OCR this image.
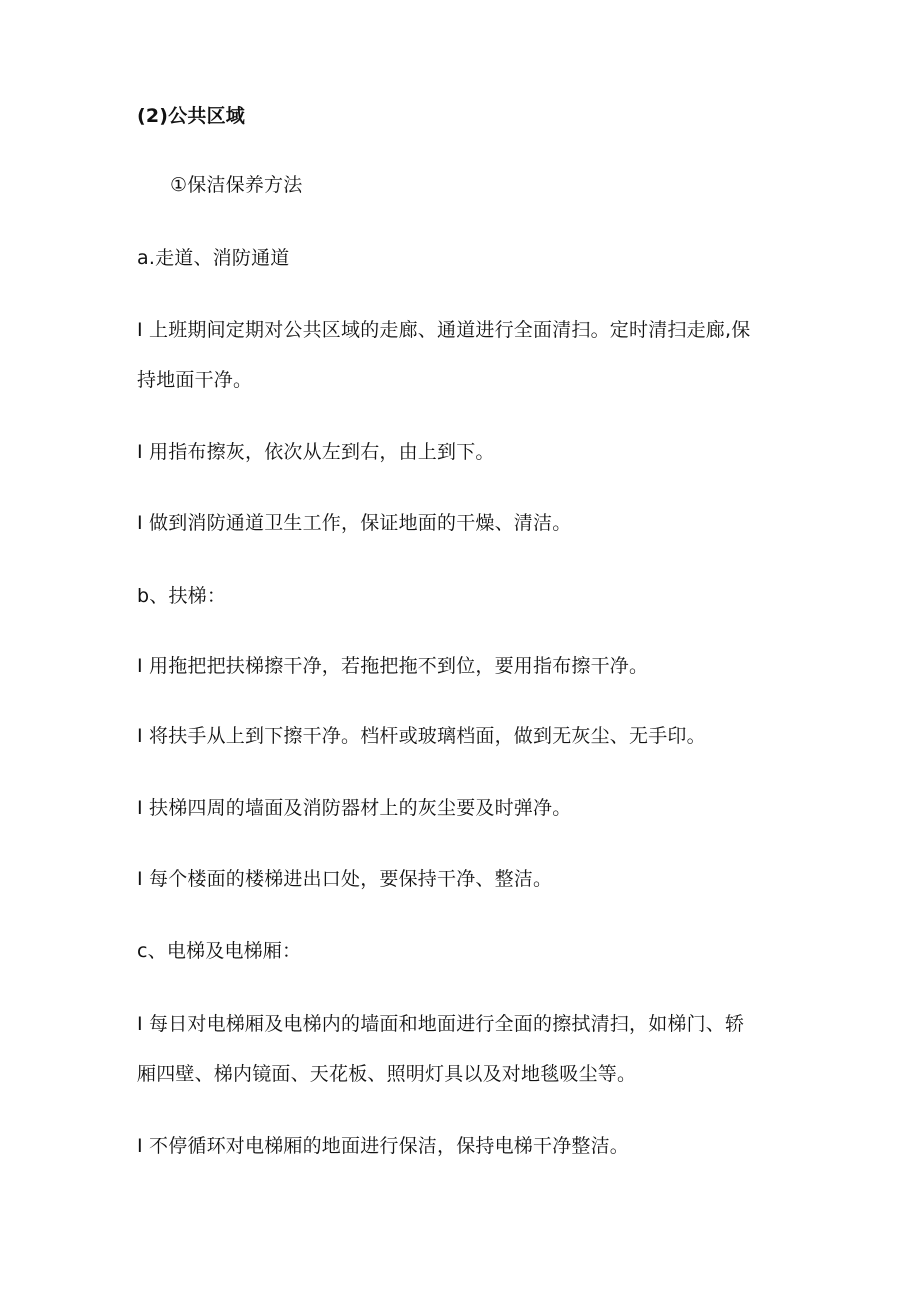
(2)公共区域
①保洁保养方法
a.走道、消防通道
I 上班期间定期对公共区域的走廊、通道进行全面清扫。定时清扫走廊,保
持地面干净。
I 用指布擦灰，依次从左到右，由上到下。
I 做到消防通道卫生工作，保证地面的干燥、清洁。
b、扶梯：
I 用拖把把扶梯擦干净，若拖把拖不到位，要用指布擦干净。
I 将扶手从上到下擦干净。档杆或玻璃档面，做到无灰尘、无手印。
I 扶梯四周的墙面及消防器材上的灰尘要及时弹净。
I 每个楼面的楼梯进出口处，要保持干净、整洁。
c、电梯及电梯厢：
I 每日对电梯厢及电梯内的墙面和地面进行全面的擦拭清扫，如梯门、轿
厢四壁、梯内镜面、天花板、照明灯具以及对地毯吸尘等。
I 不停循环对电梯厢的地面进行保洁，保持电梯干净整洁。
